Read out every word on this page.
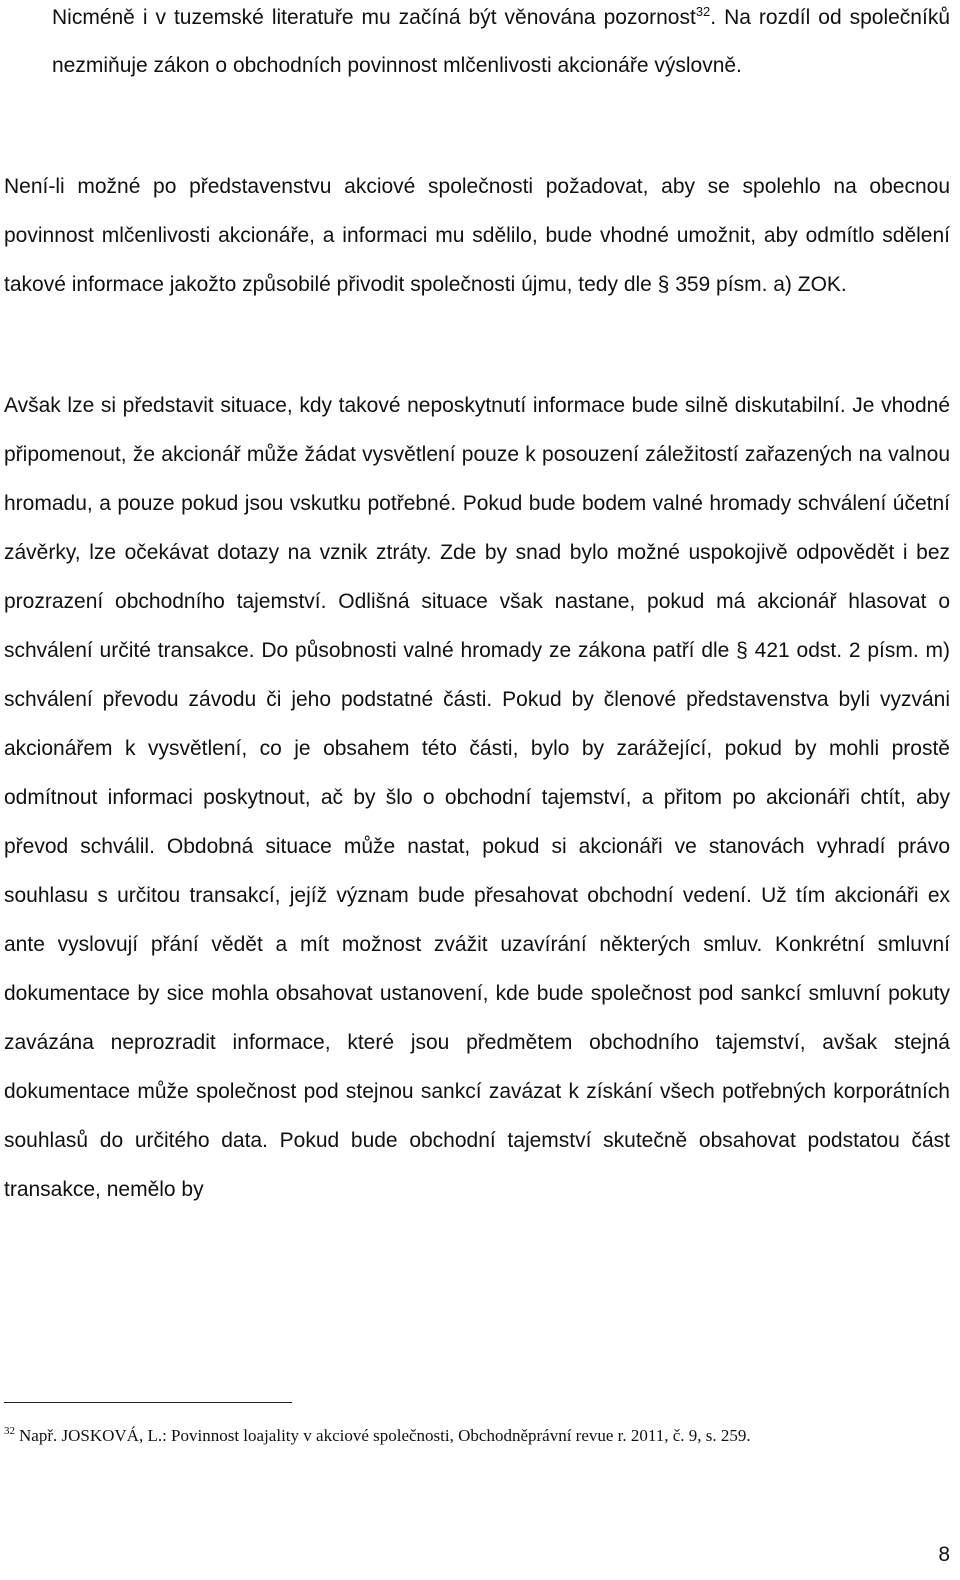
Nicméně i v tuzemské literatuře mu začíná být věnována pozornost$^{32}$. Na rozdíl od společníků nezmiňuje zákon o obchodních povinnost mlčenlivosti akcionáře výslovně.

Není-li možné po představenstvu akciové společnosti požadovat, aby se spolehlo na obecnou povinnost mlčenlivosti akcionáře, a informaci mu sdělilo, bude vhodné umožnit, aby odmítlo sdělení takové informace jakožto způsobilé přivodit společnosti újmu, tedy dle § 359 písm. a) ZOK.

Avšak lze si představit situace, kdy takové neposkytnutí informace bude silně diskutabilní. Je vhodné připomenout, že akcionář může žádat vysvětlení pouze k posouzení záležitostí zařazených na valnou hromadu, a pouze pokud jsou vskutku potřebné. Pokud bude bodem valné hromady schválení účetní závěrky, lze očekávat dotazy na vznik ztráty. Zde by snad bylo možné uspokojivě odpovědět i bez prozrazení obchodního tajemství. Odlišná situace však nastane, pokud má akcionář hlasovat o schválení určité transakce. Do působnosti valné hromady ze zákona patří dle § 421 odst. 2 písm. m) schválení převodu závodu či jeho podstatné části. Pokud by členové představenstva byli vyzváni akcionářem k vysvětlení, co je obsahem této části, bylo by zarážející, pokud by mohli prostě odmítnout informaci poskytnout, ač by šlo o obchodní tajemství, a přitom po akcionáři chtít, aby převod schválil. Obdobná situace může nastat, pokud si akcionáři ve stanovách vyhradí právo souhlasu s určitou transakcí, jejíž význam bude přesahovat obchodní vedení. Už tím akcionáři ex ante vyslovují přání vědět a mít možnost zvážit uzavírání některých smluv. Konkrétní smluvní dokumentace by sice mohla obsahovat ustanovení, kde bude společnost pod sankcí smluvní pokuty zavázána neprozradit informace, které jsou předmětem obchodního tajemství, avšak stejná dokumentace může společnost pod stejnou sankcí zavázat k získání všech potřebných korporátních souhlasů do určitého data. Pokud bude obchodní tajemství skutečně obsahovat podstatou část transakce, nemělo by

$^{32}$ Např. JOSKOVÁ, L.: Povinnost loajality v akciové společnosti, Obchodněprávní revue r. 2011, č. 9, s. 259.
8
